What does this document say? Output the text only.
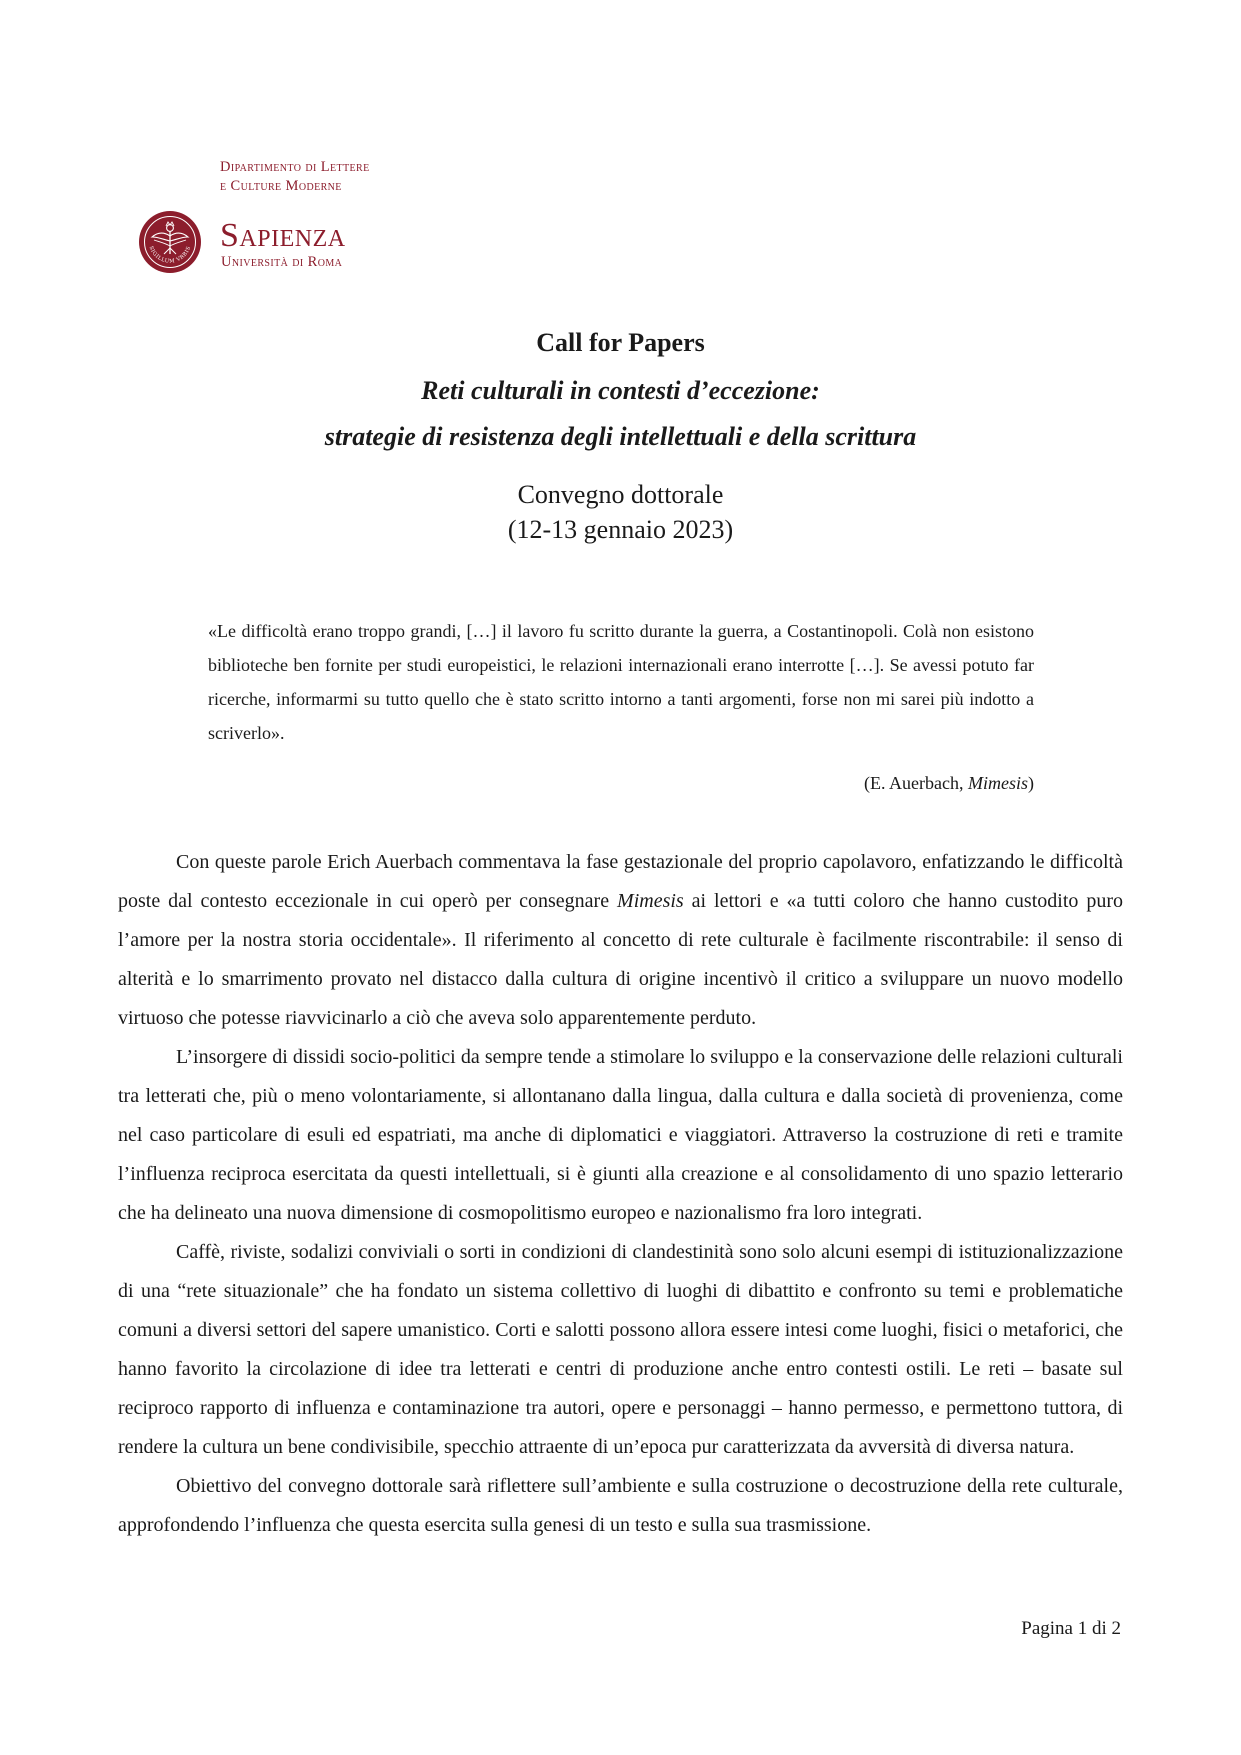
Dipartimento di Lettere
e Culture Moderne
SIGILLUM VRBIS Sapienza
Università di Roma

Call for Papers

Reti culturali in contesti d’eccezione:

strategie di resistenza degli intellettuali e della scrittura

Convegno dottorale

(12-13 gennaio 2023)

«Le difficoltà erano troppo grandi, […] il lavoro fu scritto durante la guerra, a Costantinopoli. Colà non esistono biblioteche ben fornite per studi europeistici, le relazioni internazionali erano interrotte […]. Se avessi potuto far ricerche, informarmi su tutto quello che è stato scritto intorno a tanti argomenti, forse non mi sarei più indotto a scriverlo».

(E. Auerbach, Mimesis)

Con queste parole Erich Auerbach commentava la fase gestazionale del proprio capolavoro, enfatizzando le difficoltà poste dal contesto eccezionale in cui operò per consegnare Mimesis ai lettori e «a tutti coloro che hanno custodito puro l’amore per la nostra storia occidentale». Il riferimento al concetto di rete culturale è facilmente riscontrabile: il senso di alterità e lo smarrimento provato nel distacco dalla cultura di origine incentivò il critico a sviluppare un nuovo modello virtuoso che potesse riavvicinarlo a ciò che aveva solo apparentemente perduto.

L’insorgere di dissidi socio-politici da sempre tende a stimolare lo sviluppo e la conservazione delle relazioni culturali tra letterati che, più o meno volontariamente, si allontanano dalla lingua, dalla cultura e dalla società di provenienza, come nel caso particolare di esuli ed espatriati, ma anche di diplomatici e viaggiatori. Attraverso la costruzione di reti e tramite l’influenza reciproca esercitata da questi intellettuali, si è giunti alla creazione e al consolidamento di uno spazio letterario che ha delineato una nuova dimensione di cosmopolitismo europeo e nazionalismo fra loro integrati.

Caffè, riviste, sodalizi conviviali o sorti in condizioni di clandestinità sono solo alcuni esempi di istituzionalizzazione di una “rete situazionale” che ha fondato un sistema collettivo di luoghi di dibattito e confronto su temi e problematiche comuni a diversi settori del sapere umanistico. Corti e salotti possono allora essere intesi come luoghi, fisici o metaforici, che hanno favorito la circolazione di idee tra letterati e centri di produzione anche entro contesti ostili. Le reti – basate sul reciproco rapporto di influenza e contaminazione tra autori, opere e personaggi – hanno permesso, e permettono tuttora, di rendere la cultura un bene condivisibile, specchio attraente di un’epoca pur caratterizzata da avversità di diversa natura.

Obiettivo del convegno dottorale sarà riflettere sull’ambiente e sulla costruzione o decostruzione della rete culturale, approfondendo l’influenza che questa esercita sulla genesi di un testo e sulla sua trasmissione.

Pagina 1 di 2
